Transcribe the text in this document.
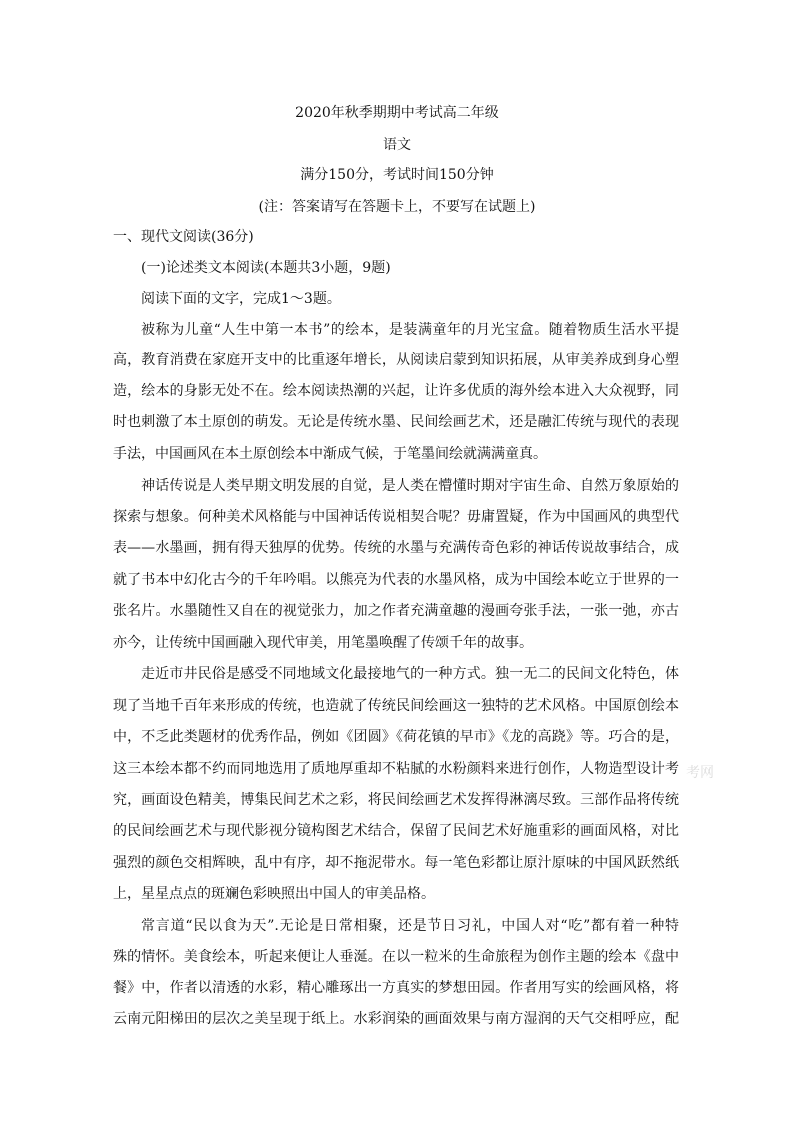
2020年秋季期期中考试高二年级
语文
满分150分，考试时间150分钟
(注：答案请写在答题卡上，不要写在试题上)
一、现代文阅读(36分)
(一)论述类文本阅读(本题共3小题，9题)
阅读下面的文字，完成1～3题。
被称为儿童“人生中第一本书”的绘本，是装满童年的月光宝盒。随着物质生活水平提
高，教育消费在家庭开支中的比重逐年增长，从阅读启蒙到知识拓展，从审美养成到身心塑
造，绘本的身影无处不在。绘本阅读热潮的兴起，让许多优质的海外绘本进入大众视野，同
时也刺激了本土原创的萌发。无论是传统水墨、民间绘画艺术，还是融汇传统与现代的表现
手法，中国画风在本土原创绘本中渐成气候，于笔墨间绘就满满童真。
神话传说是人类早期文明发展的自觉，是人类在懵懂时期对宇宙生命、自然万象原始的
探索与想象。何种美术风格能与中国神话传说相契合呢？毋庸置疑，作为中国画风的典型代
表——水墨画，拥有得天独厚的优势。传统的水墨与充满传奇色彩的神话传说故事结合，成
就了书本中幻化古今的千年吟唱。以熊亮为代表的水墨风格，成为中国绘本屹立于世界的一
张名片。水墨随性又自在的视觉张力，加之作者充满童趣的漫画夸张手法，一张一弛，亦古
亦今，让传统中国画融入现代审美，用笔墨唤醒了传颂千年的故事。
走近市井民俗是感受不同地域文化最接地气的一种方式。独一无二的民间文化特色，体
现了当地千百年来形成的传统，也造就了传统民间绘画这一独特的艺术风格。中国原创绘本
中，不乏此类题材的优秀作品，例如《团圆》《荷花镇的早市》《龙的高跷》等。巧合的是，
这三本绘本都不约而同地选用了质地厚重却不粘腻的水粉颜料来进行创作，人物造型设计考
究，画面设色精美，博集民间艺术之彩，将民间绘画艺术发挥得淋漓尽致。三部作品将传统
的民间绘画艺术与现代影视分镜构图艺术结合，保留了民间艺术好施重彩的画面风格，对比
强烈的颜色交相辉映，乱中有序，却不拖泥带水。每一笔色彩都让原汁原味的中国风跃然纸
上，星星点点的斑斓色彩映照出中国人的审美品格。
常言道“民以食为天”.无论是日常相聚，还是节日习礼，中国人对“吃”都有着一种特
殊的情怀。美食绘本，听起来便让人垂涎。在以一粒米的生命旅程为创作主题的绘本《盘中
餐》中，作者以清透的水彩，精心雕琢出一方真实的梦想田园。作者用写实的绘画风格，将
云南元阳梯田的层次之美呈现于纸上。水彩润染的画面效果与南方湿润的天气交相呼应，配
考网
